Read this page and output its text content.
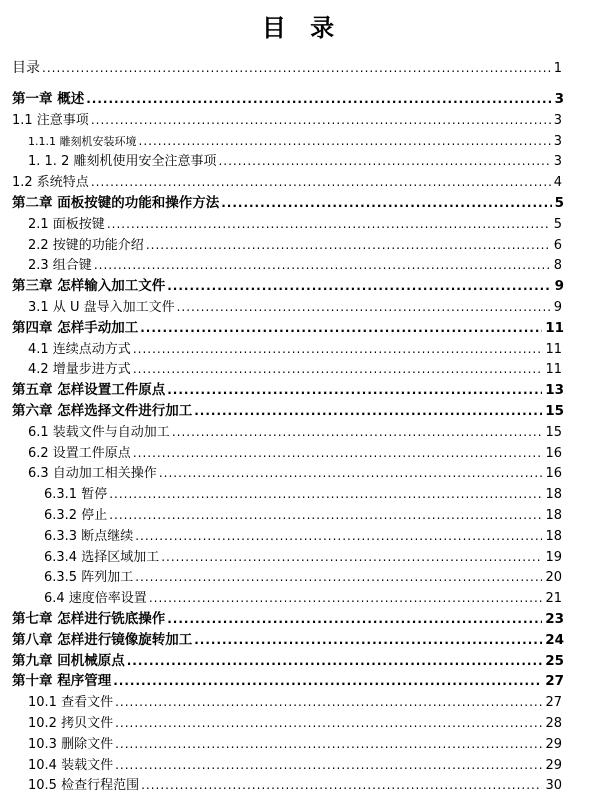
目 录
目录 .....	1
第一章 概述 .....	3
1.1 注意事项 .....	3
1.1.1 雕刻机安装环境 .....	3
1. 1. 2 雕刻机使用安全注意事项 .....	3
1.2 系统特点 .....	4
第二章 面板按键的功能和操作方法 .....	5
2.1 面板按键 .....	5
2.2 按键的功能介绍 .....	6
2.3 组合键 .....	8
第三章 怎样输入加工文件 .....	9
3.1 从 U 盘导入加工文件 .....	9
第四章 怎样手动加工 .....	11
4.1 连续点动方式 .....	11
4.2 增量步进方式 .....	11
第五章 怎样设置工件原点 .....	13
第六章 怎样选择文件进行加工 .....	15
6.1 装载文件与自动加工 .....	15
6.2 设置工件原点 .....	16
6.3 自动加工相关操作 .....	16
6.3.1 暂停 .....	18
6.3.2 停止 .....	18
6.3.3 断点继续 .....	18
6.3.4 选择区域加工 .....	19
6.3.5 阵列加工 .....	20
6.4 速度倍率设置 .....	21
第七章 怎样进行铣底操作 .....	23
第八章 怎样进行镜像旋转加工 .....	24
第九章 回机械原点 .....	25
第十章 程序管理 .....	27
10.1 查看文件 .....	27
10.2 拷贝文件 .....	28
10.3 删除文件 .....	29
10.4 装载文件 .....	29
10.5 检查行程范围 .....	30
